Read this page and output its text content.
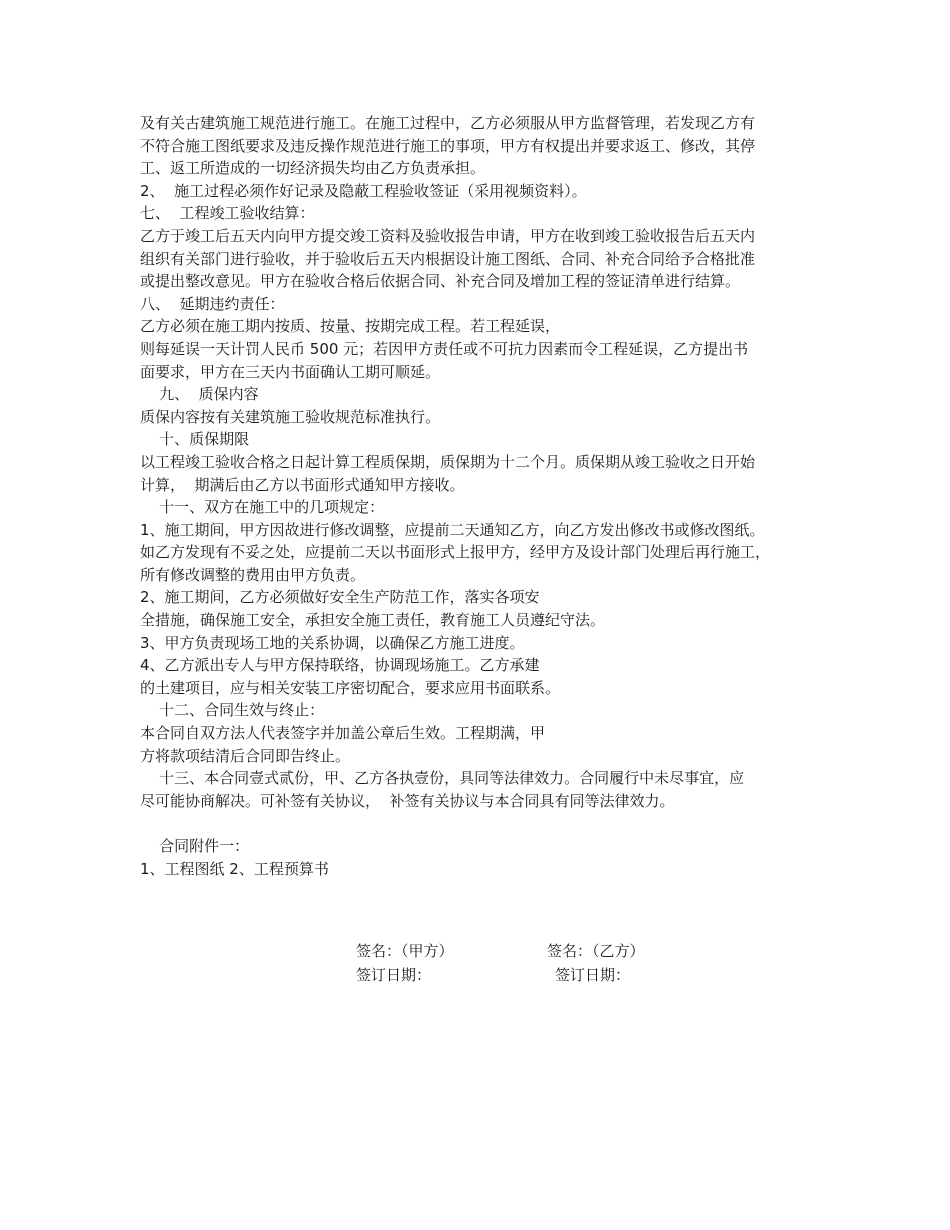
及有关古建筑施工规范进行施工。在施工过程中，乙方必须服从甲方监督管理，若发现乙方有
不符合施工图纸要求及违反操作规范进行施工的事项，甲方有权提出并要求返工、修改，其停
工、返工所造成的一切经济损失均由乙方负责承担。
2、  施工过程必须作好记录及隐蔽工程验收签证（采用视频资料）。
七、  工程竣工验收结算：
乙方于竣工后五天内向甲方提交竣工资料及验收报告申请，甲方在收到竣工验收报告后五天内
组织有关部门进行验收，并于验收后五天内根据设计施工图纸、合同、补充合同给予合格批准
或提出整改意见。甲方在验收合格后依据合同、补充合同及增加工程的签证清单进行结算。
八、  延期违约责任：
乙方必须在施工期内按质、按量、按期完成工程。若工程延误，
则每延误一天计罚人民币 500 元；若因甲方责任或不可抗力因素而令工程延误，乙方提出书
面要求，甲方在三天内书面确认工期可顺延。
九、  质保内容
质保内容按有关建筑施工验收规范标准执行。
十、质保期限
以工程竣工验收合格之日起计算工程质保期，质保期为十二个月。质保期从竣工验收之日开始
计算，  期满后由乙方以书面形式通知甲方接收。
十一、双方在施工中的几项规定：
1、施工期间，甲方因故进行修改调整，应提前二天通知乙方，向乙方发出修改书或修改图纸。
如乙方发现有不妥之处，应提前二天以书面形式上报甲方，经甲方及设计部门处理后再行施工，
所有修改调整的费用由甲方负责。
2、施工期间，乙方必须做好安全生产防范工作，落实各项安
全措施，确保施工安全，承担安全施工责任，教育施工人员遵纪守法。
3、甲方负责现场工地的关系协调，以确保乙方施工进度。
4、乙方派出专人与甲方保持联络，协调现场施工。乙方承建
的土建项目，应与相关安装工序密切配合，要求应用书面联系。
十二、合同生效与终止：
本合同自双方法人代表签字并加盖公章后生效。工程期满，甲
方将款项结清后合同即告终止。
十三、本合同壹式贰份，甲、乙方各执壹份，具同等法律效力。合同履行中未尽事宜，应
尽可能协商解决。可补签有关协议，  补签有关协议与本合同具有同等法律效力。
合同附件一：
1、工程图纸 2、工程预算书
签名：（甲方）	签名：（乙方）
签订日期：	签订日期：
